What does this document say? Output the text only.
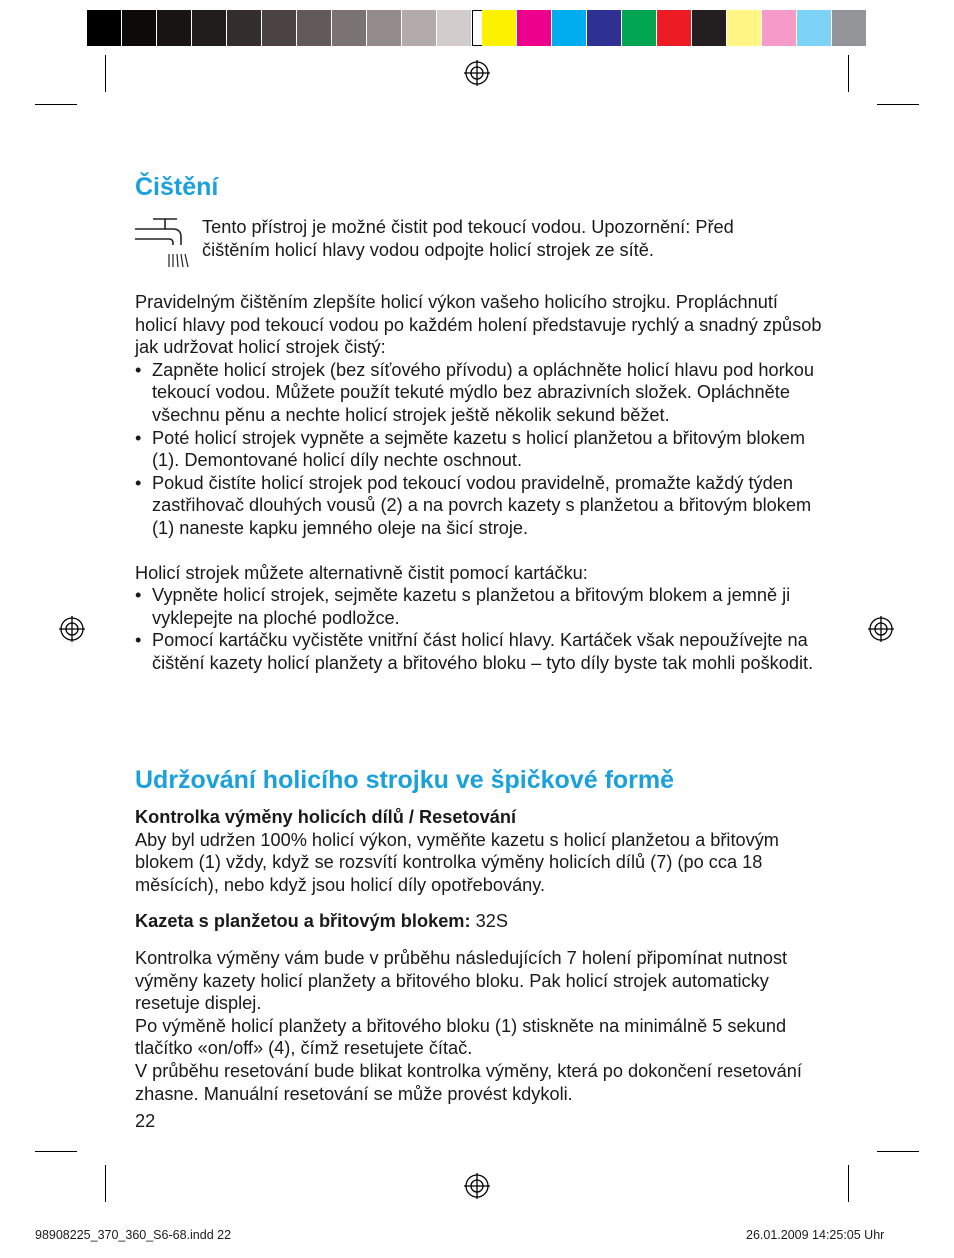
Čištění
Tento přístroj je možné čistit pod tekoucí vodou. Upozornění: Před čištěním holicí hlavy vodou odpojte holicí strojek ze sítě.

Pravidelným čištěním zlepšíte holicí výkon vašeho holicího strojku. Propláchnutí holicí hlavy pod tekoucí vodou po každém holení představuje rychlý a snadný způsob jak udržovat holicí strojek čistý:

• Zapněte holicí strojek (bez síťového přívodu) a opláchněte holicí hlavu pod horkou tekoucí vodou. Můžete použít tekuté mýdlo bez abrazivních složek. Opláchněte všechnu pěnu a nechte holicí strojek ještě několik sekund běžet.
• Poté holicí strojek vypněte a sejměte kazetu s holicí planžetou a břitovým blokem (1). Demontované holicí díly nechte oschnout.
• Pokud čistíte holicí strojek pod tekoucí vodou pravidelně, promažte každý týden zastřihovač dlouhých vousů (2) a na povrch kazety s planžetou a břitovým blokem (1) naneste kapku jemného oleje na šicí stroje.

Holicí strojek můžete alternativně čistit pomocí kartáčku:

• Vypněte holicí strojek, sejměte kazetu s planžetou a břitovým blokem a jemně ji vyklepejte na ploché podložce.
• Pomocí kartáčku vyčistěte vnitřní část holicí hlavy. Kartáček však nepoužívejte na čištění kazety holicí planžety a břitového bloku – tyto díly byste tak mohli poškodit.
Udržování holicího strojku ve špičkové formě

Kontrolka výměny holicích dílů / Resetování

Aby byl udržen 100% holicí výkon, vyměňte kazetu s holicí planžetou a břitovým blokem (1) vždy, když se rozsvítí kontrolka výměny holicích dílů (7) (po cca 18 měsících), nebo když jsou holicí díly opotřebovány.

Kazeta s planžetou a břitovým blokem: 32S

Kontrolka výměny vám bude v průběhu následujících 7 holení připomínat nutnost výměny kazety holicí planžety a břitového bloku. Pak holicí strojek automaticky resetuje displej.

Po výměně holicí planžety a břitového bloku (1) stiskněte na minimálně 5 sekund tlačítko «on/off» (4), čímž resetujete čítač.

V průběhu resetování bude blikat kontrolka výměny, která po dokončení resetování zhasne. Manuální resetování se může provést kdykoli.

22
98908225_370_360_S6-68.indd 22	26.01.2009 14:25:05 Uhr
